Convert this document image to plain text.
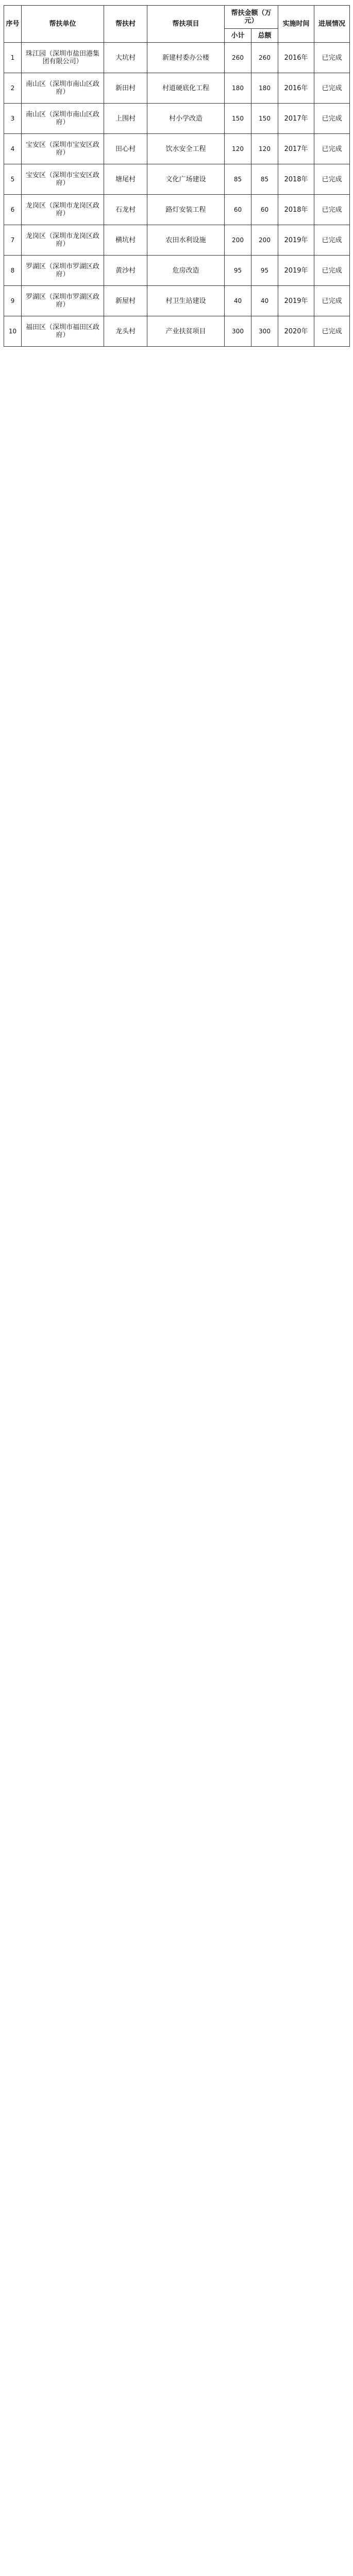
序号	帮扶单位	帮扶村	帮扶项目	帮扶金额（万元）		实施时间	进展情况
				小计	总额		
1	珠江园（深圳市盐田港集团有限公司）	大坑村	新建村委办公楼	260	260	2016年	已完成
2	南山区（深圳市南山区政府）	新田村	村道硬底化工程	180	180	2016年	已完成
3	南山区（深圳市南山区政府）	上围村	村小学改造	150	150	2017年	已完成
4	宝安区（深圳市宝安区政府）	田心村	饮水安全工程	120	120	2017年	已完成
5	宝安区（深圳市宝安区政府）	塘尾村	文化广场建设	85	85	2018年	已完成
6	龙岗区（深圳市龙岗区政府）	石龙村	路灯安装工程	60	60	2018年	已完成
7	龙岗区（深圳市龙岗区政府）	横坑村	农田水利设施	200	200	2019年	已完成
8	罗湖区（深圳市罗湖区政府）	黄沙村	危房改造	95	95	2019年	已完成
9	罗湖区（深圳市罗湖区政府）	新屋村	村卫生站建设	40	40	2019年	已完成
10	福田区（深圳市福田区政府）	龙头村	产业扶贫项目	300	300	2020年	已完成
